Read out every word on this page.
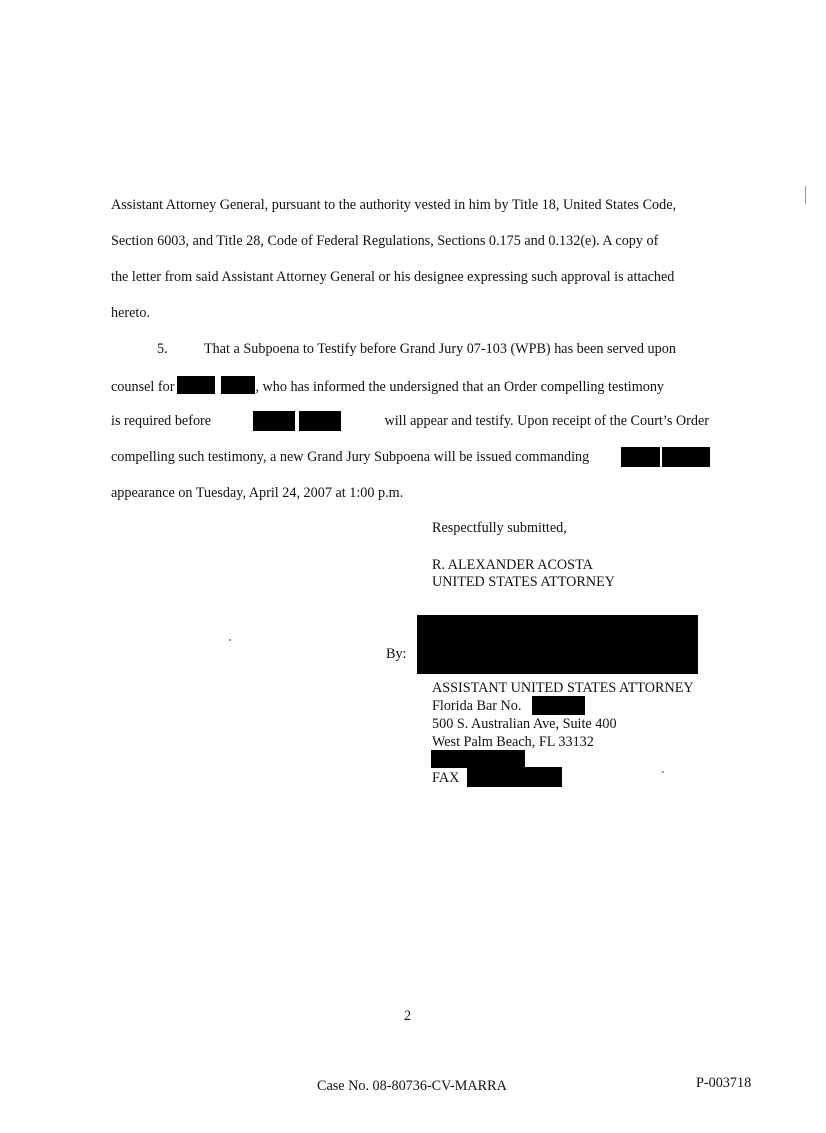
Assistant Attorney General, pursuant to the authority vested in him by Title 18, United States Code,
Section 6003, and Title 28, Code of Federal Regulations, Sections 0.175 and 0.132(e). A copy of
the letter from said Assistant Attorney General or his designee expressing such approval is attached
hereto.
5.	That a Subpoena to Testify before Grand Jury 07-103 (WPB) has been served upon
counsel for	, who has informed the undersigned that an Order compelling testimony
is required before	will appear and testify. Upon receipt of the Court’s Order
compelling such testimony, a new Grand Jury Subpoena will be issued commanding
appearance on Tuesday, April 24, 2007 at 1:00 p.m.
Respectfully submitted,
R. ALEXANDER ACOSTA
UNITED STATES ATTORNEY
By:
ASSISTANT UNITED STATES ATTORNEY
Florida Bar No.
500 S. Australian Ave, Suite 400
West Palm Beach, FL 33132
FAX
2
Case No. 08-80736-CV-MARRA	P-003718
